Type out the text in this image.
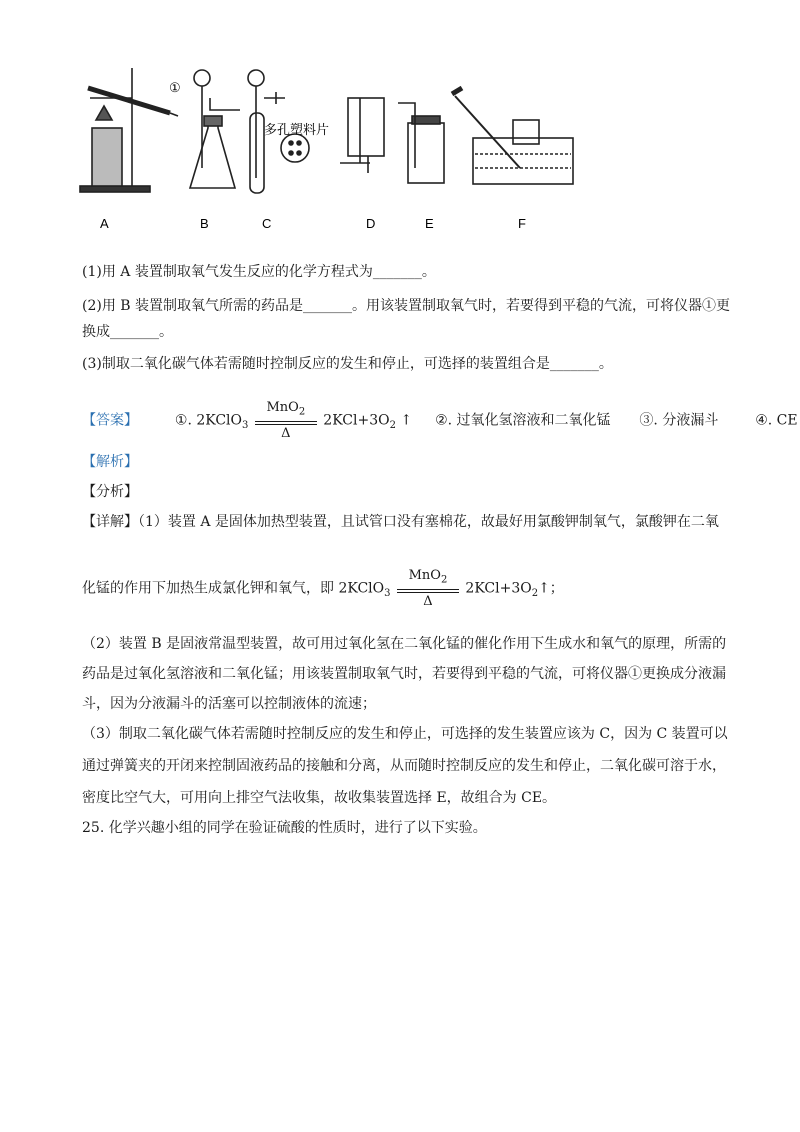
①
多孔塑料片
A	B	C	D	E	F
(1)用 A 装置制取氧气发生反应的化学方程式为_______。
(2)用 B 装置制取氧气所需的药品是_______。用该装置制取氧气时，若要得到平稳的气流，可将仪器①更
换成_______。
(3)制取二氧化碳气体若需随时控制反应的发生和停止，可选择的装置组合是_______。
【答案】	①. 2KClO$_3$
MnO$_2$
Δ
$2KCl+3O_2$ ↑ ②. 过氧化氢溶液和二氧化锰 ③. 分液漏斗	④. CE
【解析】
【分析】
【详解】（1）装置 A 是固体加热型装置，且试管口没有塞棉花，故最好用氯酸钾制氧气，氯酸钾在二氧
化锰的作用下加热生成氯化钾和氧气，即 2KClO$_3$
MnO$_2$
Δ
$2KCl+3O_2↑$；
（2）装置 B 是固液常温型装置，故可用过氧化氢在二氧化锰的催化作用下生成水和氧气的原理，所需的
药品是过氧化氢溶液和二氧化锰；用该装置制取氧气时，若要得到平稳的气流，可将仪器①更换成分液漏
斗，因为分液漏斗的活塞可以控制液体的流速；
（3）制取二氧化碳气体若需随时控制反应的发生和停止，可选择的发生装置应该为 C，因为 C 装置可以
通过弹簧夹的开闭来控制固液药品的接触和分离，从而随时控制反应的发生和停止，二氧化碳可溶于水，
密度比空气大，可用向上排空气法收集，故收集装置选择 E，故组合为 CE。
25. 化学兴趣小组的同学在验证硫酸的性质时，进行了以下实验。
